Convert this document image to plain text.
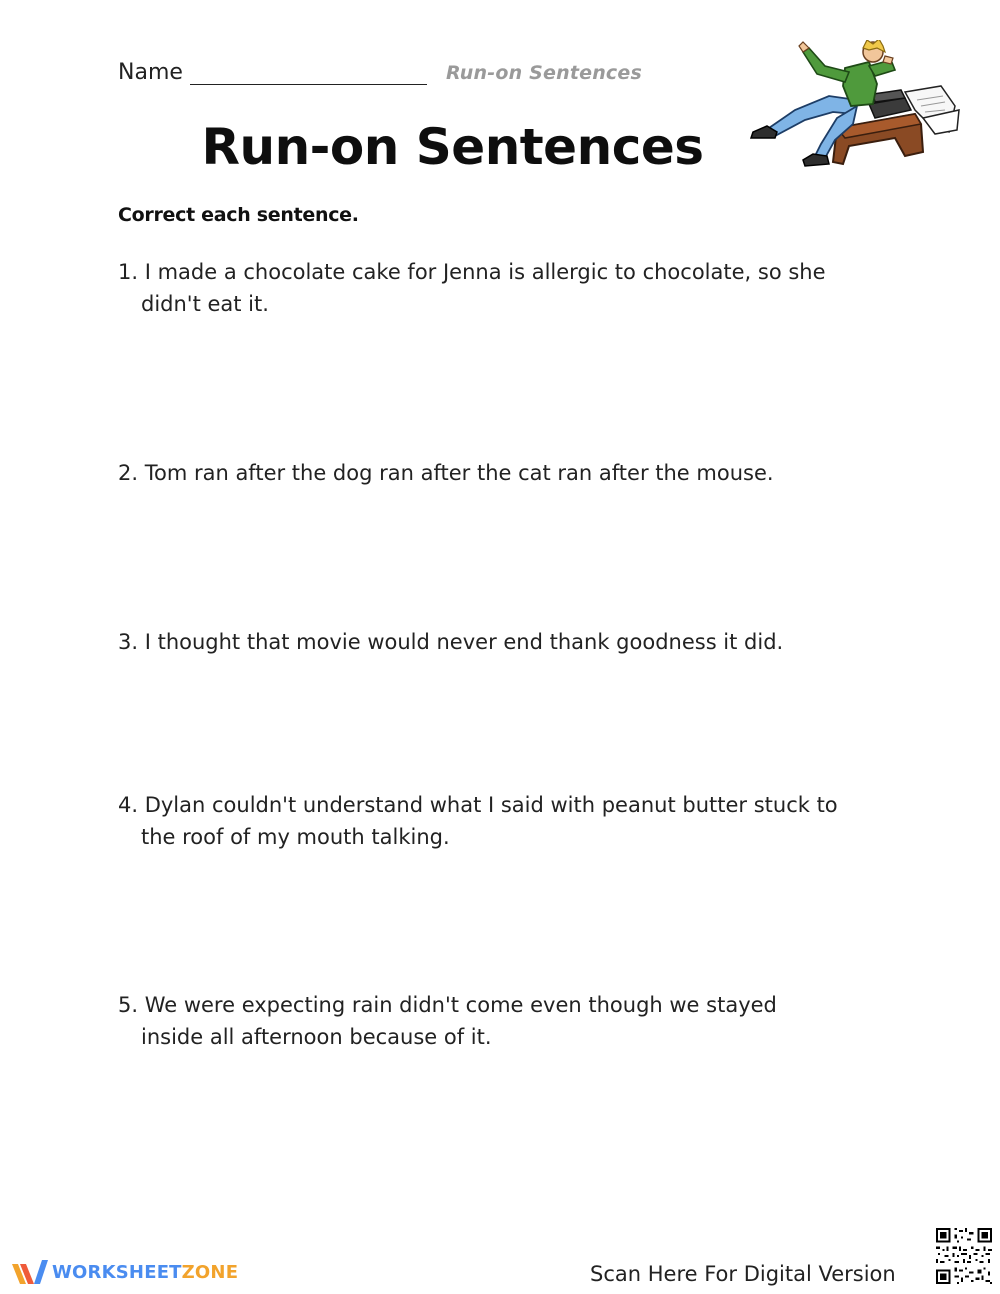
Name	Run-on Sentences
Run-on Sentences
Correct each sentence.
1. I made a chocolate cake for Jenna is allergic to chocolate, so she
didn't eat it.
2. Tom ran after the dog ran after the cat ran after the mouse.
3. I thought that movie would never end thank goodness it did.
4. Dylan couldn't understand what I said with peanut butter stuck to
the roof of my mouth talking.
5. We were expecting rain didn't come even though we stayed
inside all afternoon because of it.
WORKSHEETZONE	Scan Here For Digital Version
